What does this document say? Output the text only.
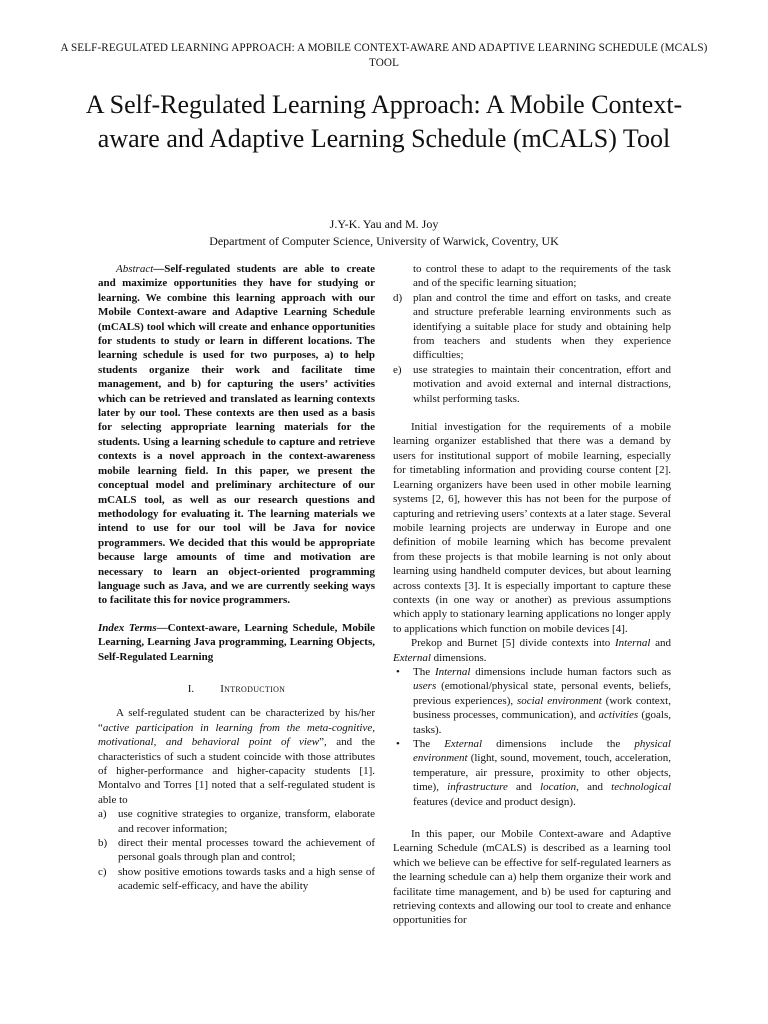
A SELF-REGULATED LEARNING APPROACH: A MOBILE CONTEXT-AWARE AND ADAPTIVE LEARNING SCHEDULE (MCALS) TOOL
A Self-Regulated Learning Approach: A Mobile Context-aware and Adaptive Learning Schedule (mCALS) Tool
J.Y-K. Yau and M. Joy
Department of Computer Science, University of Warwick, Coventry, UK

Abstract—Self-regulated students are able to create and maximize opportunities they have for studying or learning. We combine this learning approach with our Mobile Context-aware and Adaptive Learning Schedule (mCALS) tool which will create and enhance opportunities for students to study or learn in different locations. The learning schedule is used for two purposes, a) to help students organize their work and facilitate time management, and b) for capturing the users’ activities which can be retrieved and translated as learning contexts later by our tool. These contexts are then used as a basis for selecting appropriate learning materials for the students. Using a learning schedule to capture and retrieve contexts is a novel approach in the context-awareness mobile learning field. In this paper, we present the conceptual model and preliminary architecture of our mCALS tool, as well as our research questions and methodology for evaluating it. The learning materials we intend to use for our tool will be Java for novice programmers. We decided that this would be appropriate because large amounts of time and motivation are necessary to learn an object-oriented programming language such as Java, and we are currently seeking ways to facilitate this for novice programmers.

Index Terms—Context-aware, Learning Schedule, Mobile Learning, Learning Java programming, Learning Objects, Self-Regulated Learning

I. Introduction

A self-regulated student can be characterized by his/her “active participation in learning from the meta-cognitive, motivational, and behavioral point of view”, and the characteristics of such a student coincide with those attributes of higher-performance and higher-capacity students [1]. Montalvo and Torres [1] noted that a self-regulated student is able to

a) use cognitive strategies to organize, transform, elaborate and recover information;
b) direct their mental processes toward the achievement of personal goals through plan and control;
c) show positive emotions towards tasks and a high sense of academic self-efficacy, and have the ability
to control these to adapt to the requirements of the task and of the specific learning situation;
d) plan and control the time and effort on tasks, and create and structure preferable learning environments such as identifying a suitable place for study and obtaining help from teachers and students when they experience difficulties;
e) use strategies to maintain their concentration, effort and motivation and avoid external and internal distractions, whilst performing tasks.

Initial investigation for the requirements of a mobile learning organizer established that there was a demand by users for institutional support of mobile learning, especially for timetabling information and providing course content [2]. Learning organizers have been used in other mobile learning systems [2, 6], however this has not been for the purpose of capturing and retrieving users’ contexts at a later stage. Several mobile learning projects are underway in Europe and one definition of mobile learning which has become prevalent from these projects is that mobile learning is not only about learning using handheld computer devices, but about learning across contexts [3]. It is especially important to capture these contexts (in one way or another) as previous assumptions which apply to stationary learning applications no longer apply to applications which function on mobile devices [4].

Prekop and Burnet [5] divide contexts into Internal and External dimensions.

• The Internal dimensions include human factors such as users (emotional/physical state, personal events, beliefs, previous experiences), social environment (work context, business processes, communication), and activities (goals, tasks).
• The External dimensions include the physical environment (light, sound, movement, touch, acceleration, temperature, air pressure, proximity to other objects, time), infrastructure and location, and technological features (device and product design).

In this paper, our Mobile Context-aware and Adaptive Learning Schedule (mCALS) is described as a learning tool which we believe can be effective for self-regulated learners as the learning schedule can a) help them organize their work and facilitate time management, and b) be used for capturing and retrieving contexts and allowing our tool to create and enhance opportunities for
